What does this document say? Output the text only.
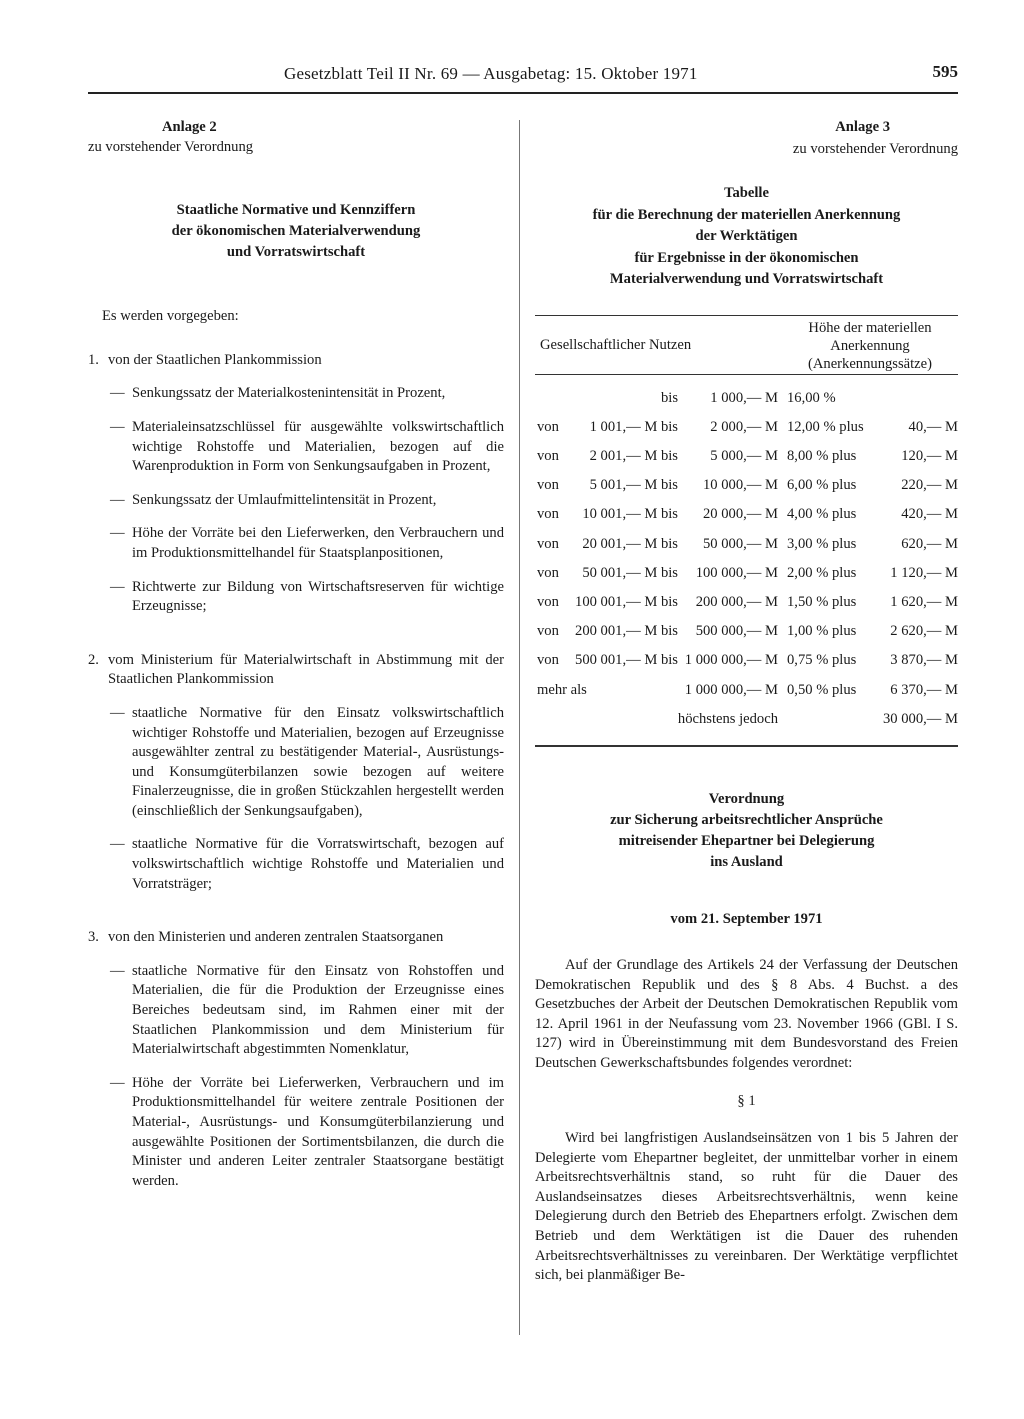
Gesetzblatt Teil II Nr. 69 — Ausgabetag: 15. Oktober 1971	595
Anlage 2
zu vorstehender Verordnung
Staatliche Normative und Kennziffern
der ökonomischen Materialverwendung
und Vorratswirtschaft
Es werden vorgegeben:
1. von der Staatlichen Plankommission
— Senkungssatz der Materialkostenintensität in Prozent,
— Materialeinsatzschlüssel für ausgewählte volkswirtschaftlich wichtige Rohstoffe und Materialien, bezogen auf die Warenproduktion in Form von Senkungsaufgaben in Prozent,
— Senkungssatz der Umlaufmittelintensität in Prozent,
— Höhe der Vorräte bei den Lieferwerken, den Verbrauchern und im Produktionsmittelhandel für Staatsplanpositionen,
— Richtwerte zur Bildung von Wirtschaftsreserven für wichtige Erzeugnisse;
2. vom Ministerium für Materialwirtschaft in Abstimmung mit der Staatlichen Plankommission
— staatliche Normative für den Einsatz volkswirtschaftlich wichtiger Rohstoffe und Materialien, bezogen auf Erzeugnisse ausgewählter zentral zu bestätigender Material-, Ausrüstungs- und Konsumgüterbilanzen sowie bezogen auf weitere Finalerzeugnisse, die in großen Stückzahlen hergestellt werden (einschließlich der Senkungsaufgaben),
— staatliche Normative für die Vorratswirtschaft, bezogen auf volkswirtschaftlich wichtige Rohstoffe und Materialien und Vorratsträger;
3. von den Ministerien und anderen zentralen Staatsorganen
— staatliche Normative für den Einsatz von Rohstoffen und Materialien, die für die Produktion der Erzeugnisse eines Bereiches bedeutsam sind, im Rahmen einer mit der Staatlichen Plankommission und dem Ministerium für Materialwirtschaft abgestimmten Nomenklatur,
— Höhe der Vorräte bei Lieferwerken, Verbrauchern und im Produktionsmittelhandel für weitere zentrale Positionen der Material-, Ausrüstungs- und Konsumgüterbilanzierung und ausgewählte Positionen der Sortimentsbilanzen, die durch die Minister und anderen Leiter zentraler Staatsorgane bestätigt werden.
Anlage 3
zu vorstehender Verordnung
Tabelle
für die Berechnung der materiellen Anerkennung
der Werktätigen
für Ergebnisse in der ökonomischen
Materialverwendung und Vorratswirtschaft
Gesellschaftlicher Nutzen
Höhe der materiellen
Anerkennung
(Anerkennungssätze)
bis 1 000,— M 16,00 %
von 1 001,— M bis 2 000,— M 12,00 % plus	40,— M
von 2 001,— M bis 5 000,— M 8,00 % plus	120,— M
von 5 001,— M bis 10 000,— M 6,00 % plus	220,— M
von 10 001,— M bis 20 000,— M 4,00 % plus	420,— M
von 20 001,— M bis 50 000,— M 3,00 % plus	620,— M
von 50 001,— M bis 100 000,— M 2,00 % plus 1 120,— M
von 100 001,— M bis 200 000,— M 1,50 % plus 1 620,— M
von 200 001,— M bis 500 000,— M 1,00 % plus 2 620,— M
von 500 001,— M bis 1 000 000,— M 0,75 % plus 3 870,— M
mehr als	1 000 000,— M 0,50 % plus 6 370,— M
höchstens jedoch	30 000,— M
Verordnung
zur Sicherung arbeitsrechtlicher Ansprüche
mitreisender Ehepartner bei Delegierung
ins Ausland
vom 21. September 1971
Auf der Grundlage des Artikels 24 der Verfassung der Deutschen Demokratischen Republik und des § 8 Abs. 4 Buchst. a des Gesetzbuches der Arbeit der Deutschen Demokratischen Republik vom 12. April 1961 in der Neufassung vom 23. November 1966 (GBl. I S. 127) wird in Übereinstimmung mit dem Bundesvorstand des Freien Deutschen Gewerkschaftsbundes folgendes verordnet:
§ 1
Wird bei langfristigen Auslandseinsätzen von 1 bis 5 Jahren der Delegierte vom Ehepartner begleitet, der unmittelbar vorher in einem Arbeitsrechtsverhältnis stand, so ruht für die Dauer des Auslandseinsatzes dieses Arbeitsrechtsverhältnis, wenn keine Delegierung durch den Betrieb des Ehepartners erfolgt. Zwischen dem Betrieb und dem Werktätigen ist die Dauer des ruhenden Arbeitsrechtsverhältnisses zu vereinbaren. Der Werktätige verpflichtet sich, bei planmäßiger Be-
